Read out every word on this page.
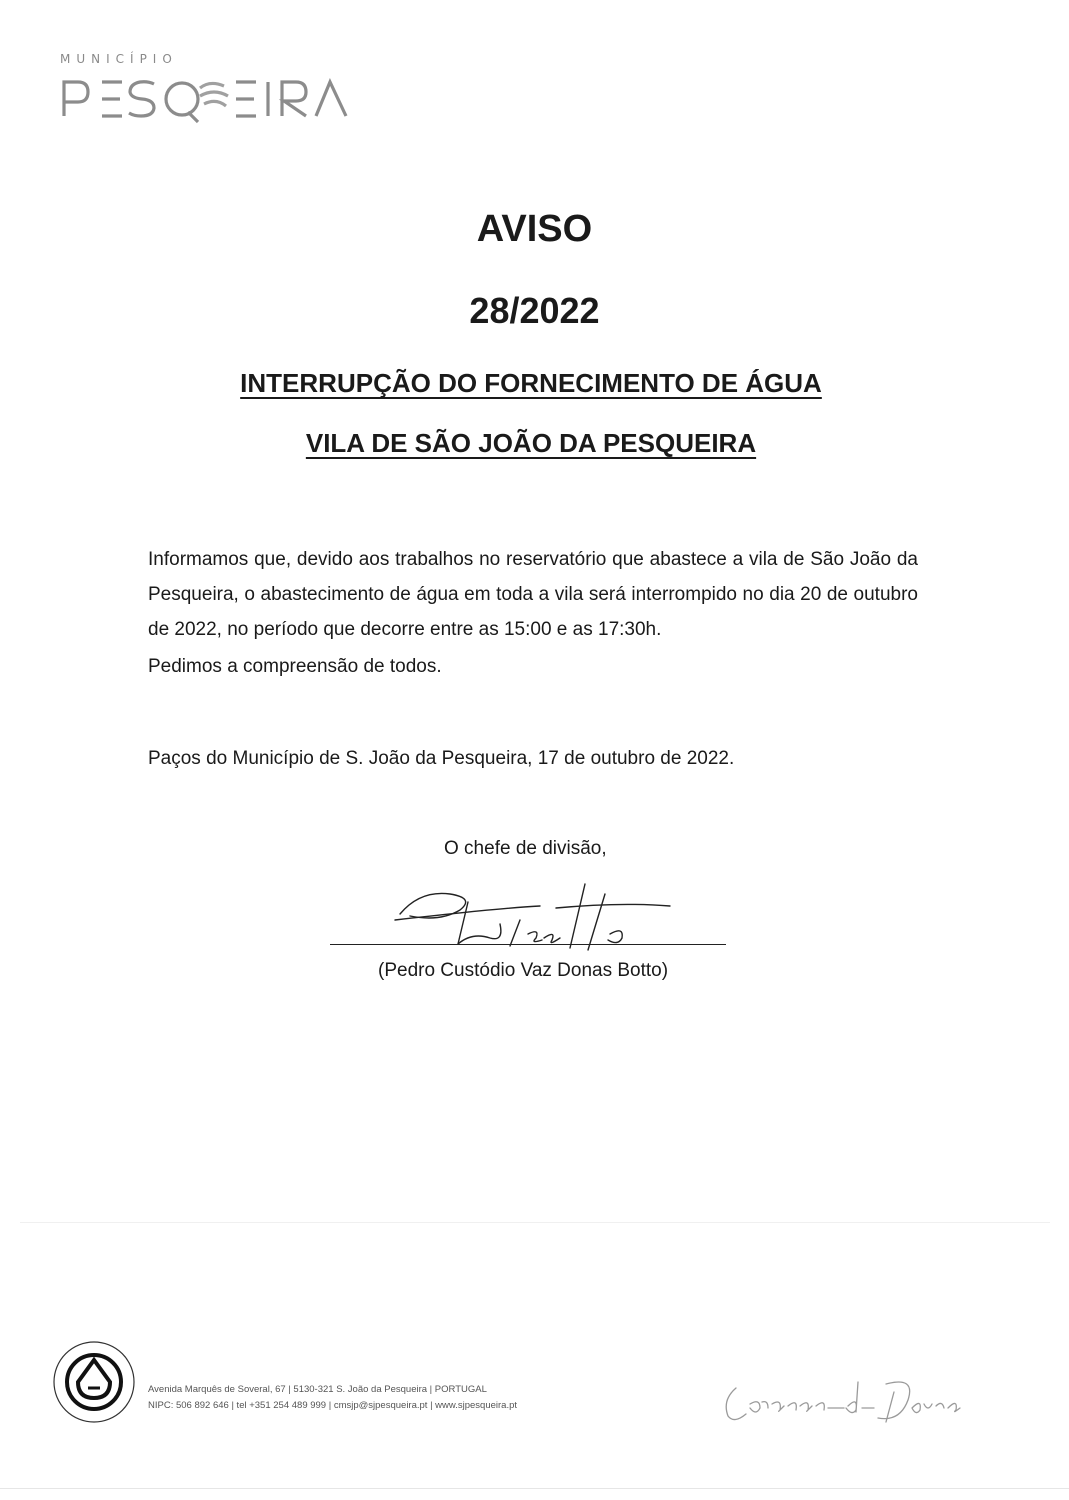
MUNICÍPIO
AVISO
28/2022
INTERRUPÇÃO DO FORNECIMENTO DE ÁGUA
VILA DE SÃO JOÃO DA PESQUEIRA
Informamos que, devido aos trabalhos no reservatório que abastece a vila de São João da Pesqueira, o abastecimento de água em toda a vila será interrompido no dia 20 de outubro de 2022, no período que decorre entre as 15:00 e as 17:30h.
Pedimos a compreensão de todos.
Paços do Município de S. João da Pesqueira, 17 de outubro de 2022.
O chefe de divisão,
(Pedro Custódio Vaz Donas Botto)
Avenida Marquês de Soveral, 67 | 5130-321 S. João da Pesqueira | PORTUGAL
NIPC: 506 892 646 | tel +351 254 489 999 | cmsjp@sjpesqueira.pt | www.sjpesqueira.pt
